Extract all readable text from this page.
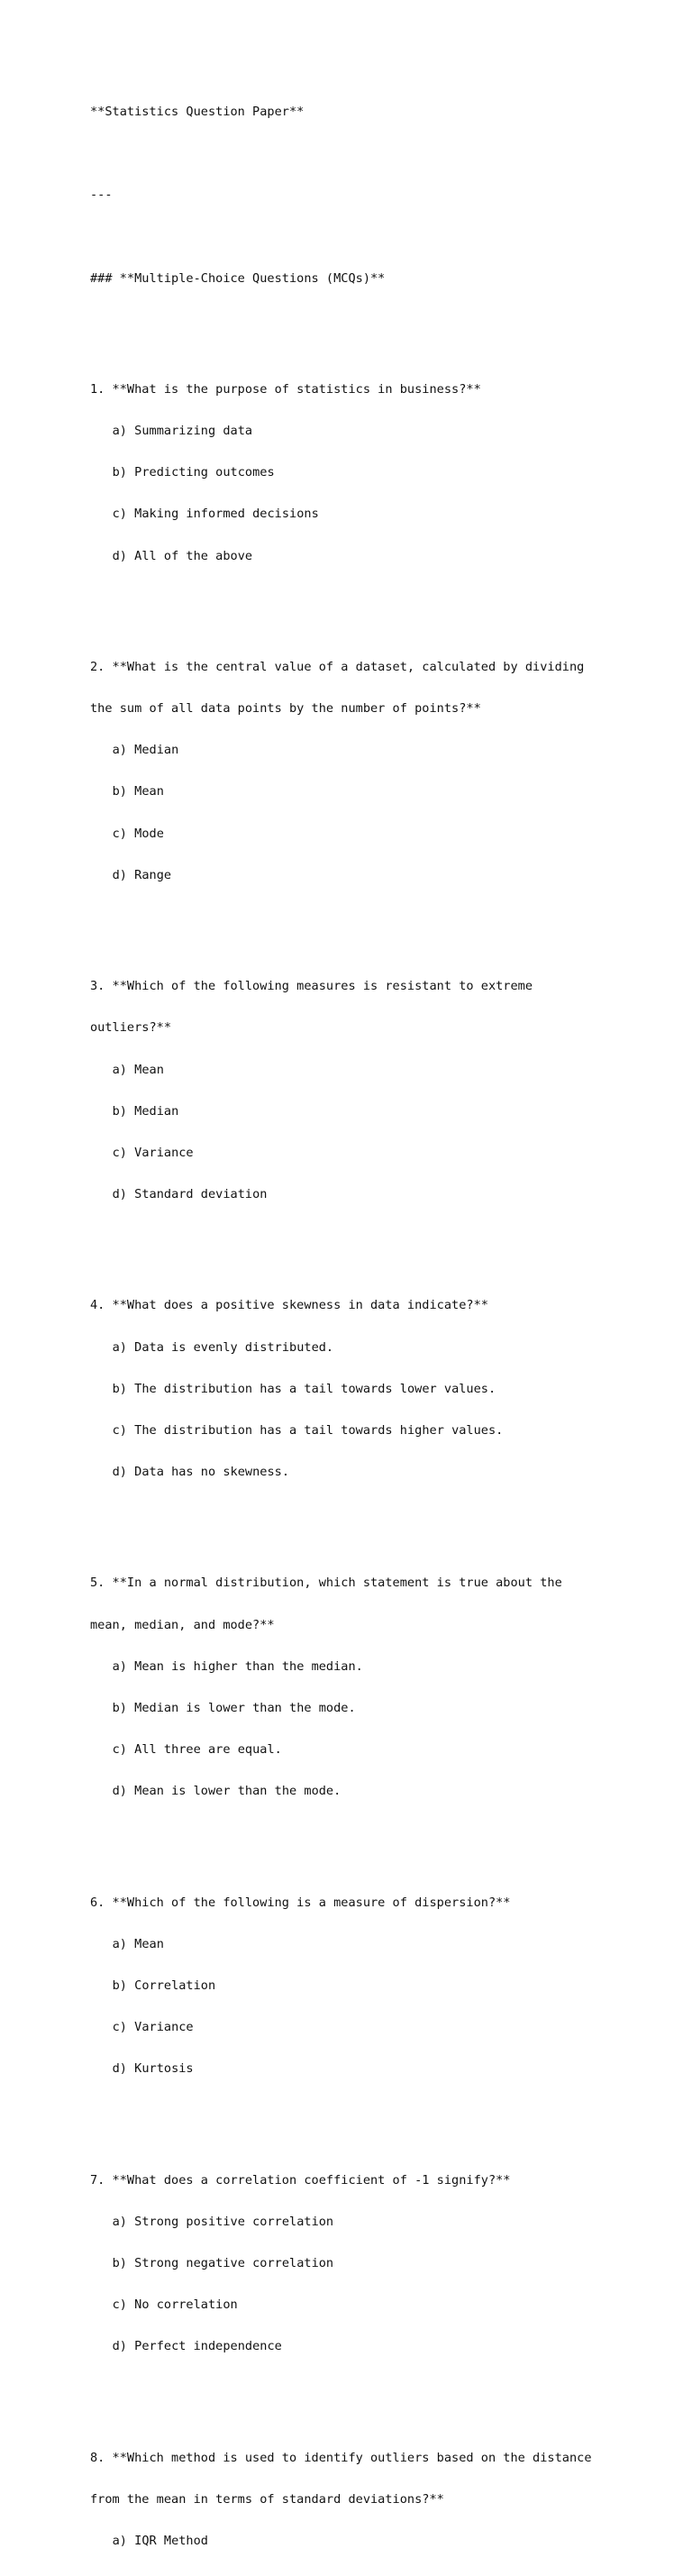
**Statistics Question Paper**

---

### **Multiple-Choice Questions (MCQs)**

1. **What is the purpose of statistics in business?**

a) Summarizing data

b) Predicting outcomes

c) Making informed decisions

d) All of the above

2. **What is the central value of a dataset, calculated by dividing

the sum of all data points by the number of points?**

a) Median

b) Mean

c) Mode

d) Range

3. **Which of the following measures is resistant to extreme

outliers?**

a) Mean

b) Median

c) Variance

d) Standard deviation

4. **What does a positive skewness in data indicate?**

a) Data is evenly distributed.

b) The distribution has a tail towards lower values.

c) The distribution has a tail towards higher values.

d) Data has no skewness.

5. **In a normal distribution, which statement is true about the

mean, median, and mode?**

a) Mean is higher than the median.

b) Median is lower than the mode.

c) All three are equal.

d) Mean is lower than the mode.

6. **Which of the following is a measure of dispersion?**

a) Mean

b) Correlation

c) Variance

d) Kurtosis

7. **What does a correlation coefficient of -1 signify?**

a) Strong positive correlation

b) Strong negative correlation

c) No correlation

d) Perfect independence

8. **Which method is used to identify outliers based on the distance

from the mean in terms of standard deviations?**

a) IQR Method
